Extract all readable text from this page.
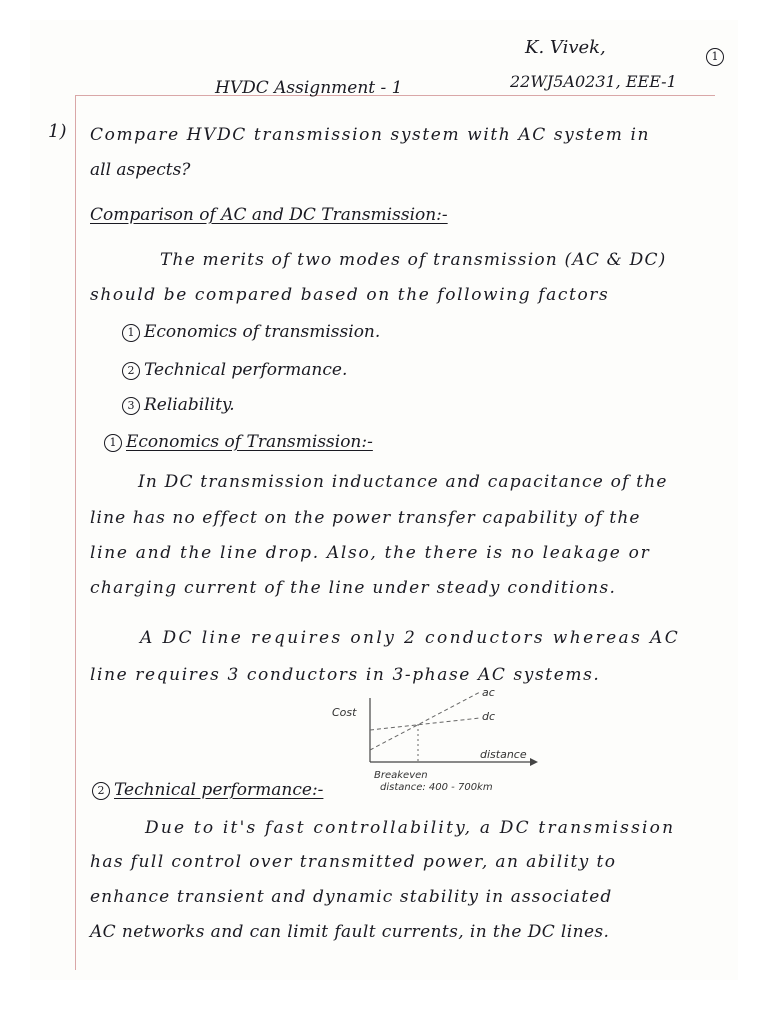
K. Vivek,	1
22WJ5A0231, EEE-1
HVDC Assignment - 1
1) Compare HVDC transmission system with AC system in
all aspects?
Comparison of AC and DC Transmission:-
The merits of two modes of transmission (AC & DC)
should be compared based on the following factors
1 Economics of transmission.
2 Technical performance.
3 Reliability.
1 Economics of Transmission:-
In DC transmission inductance and capacitance of the
line has no effect on the power transfer capability of the
line and the line drop. Also, the there is no leakage or
charging current of the line under steady conditions.
A DC line requires only 2 conductors whereas AC
line requires 3 conductors in 3-phase AC systems.
Cost
ac
dc
distance
Breakeven
distance: 400 - 700km
2 Technical performance:-
Due to it's fast controllability, a DC transmission
has full control over transmitted power, an ability to
enhance transient and dynamic stability in associated
AC networks and can limit fault currents, in the DC lines.
